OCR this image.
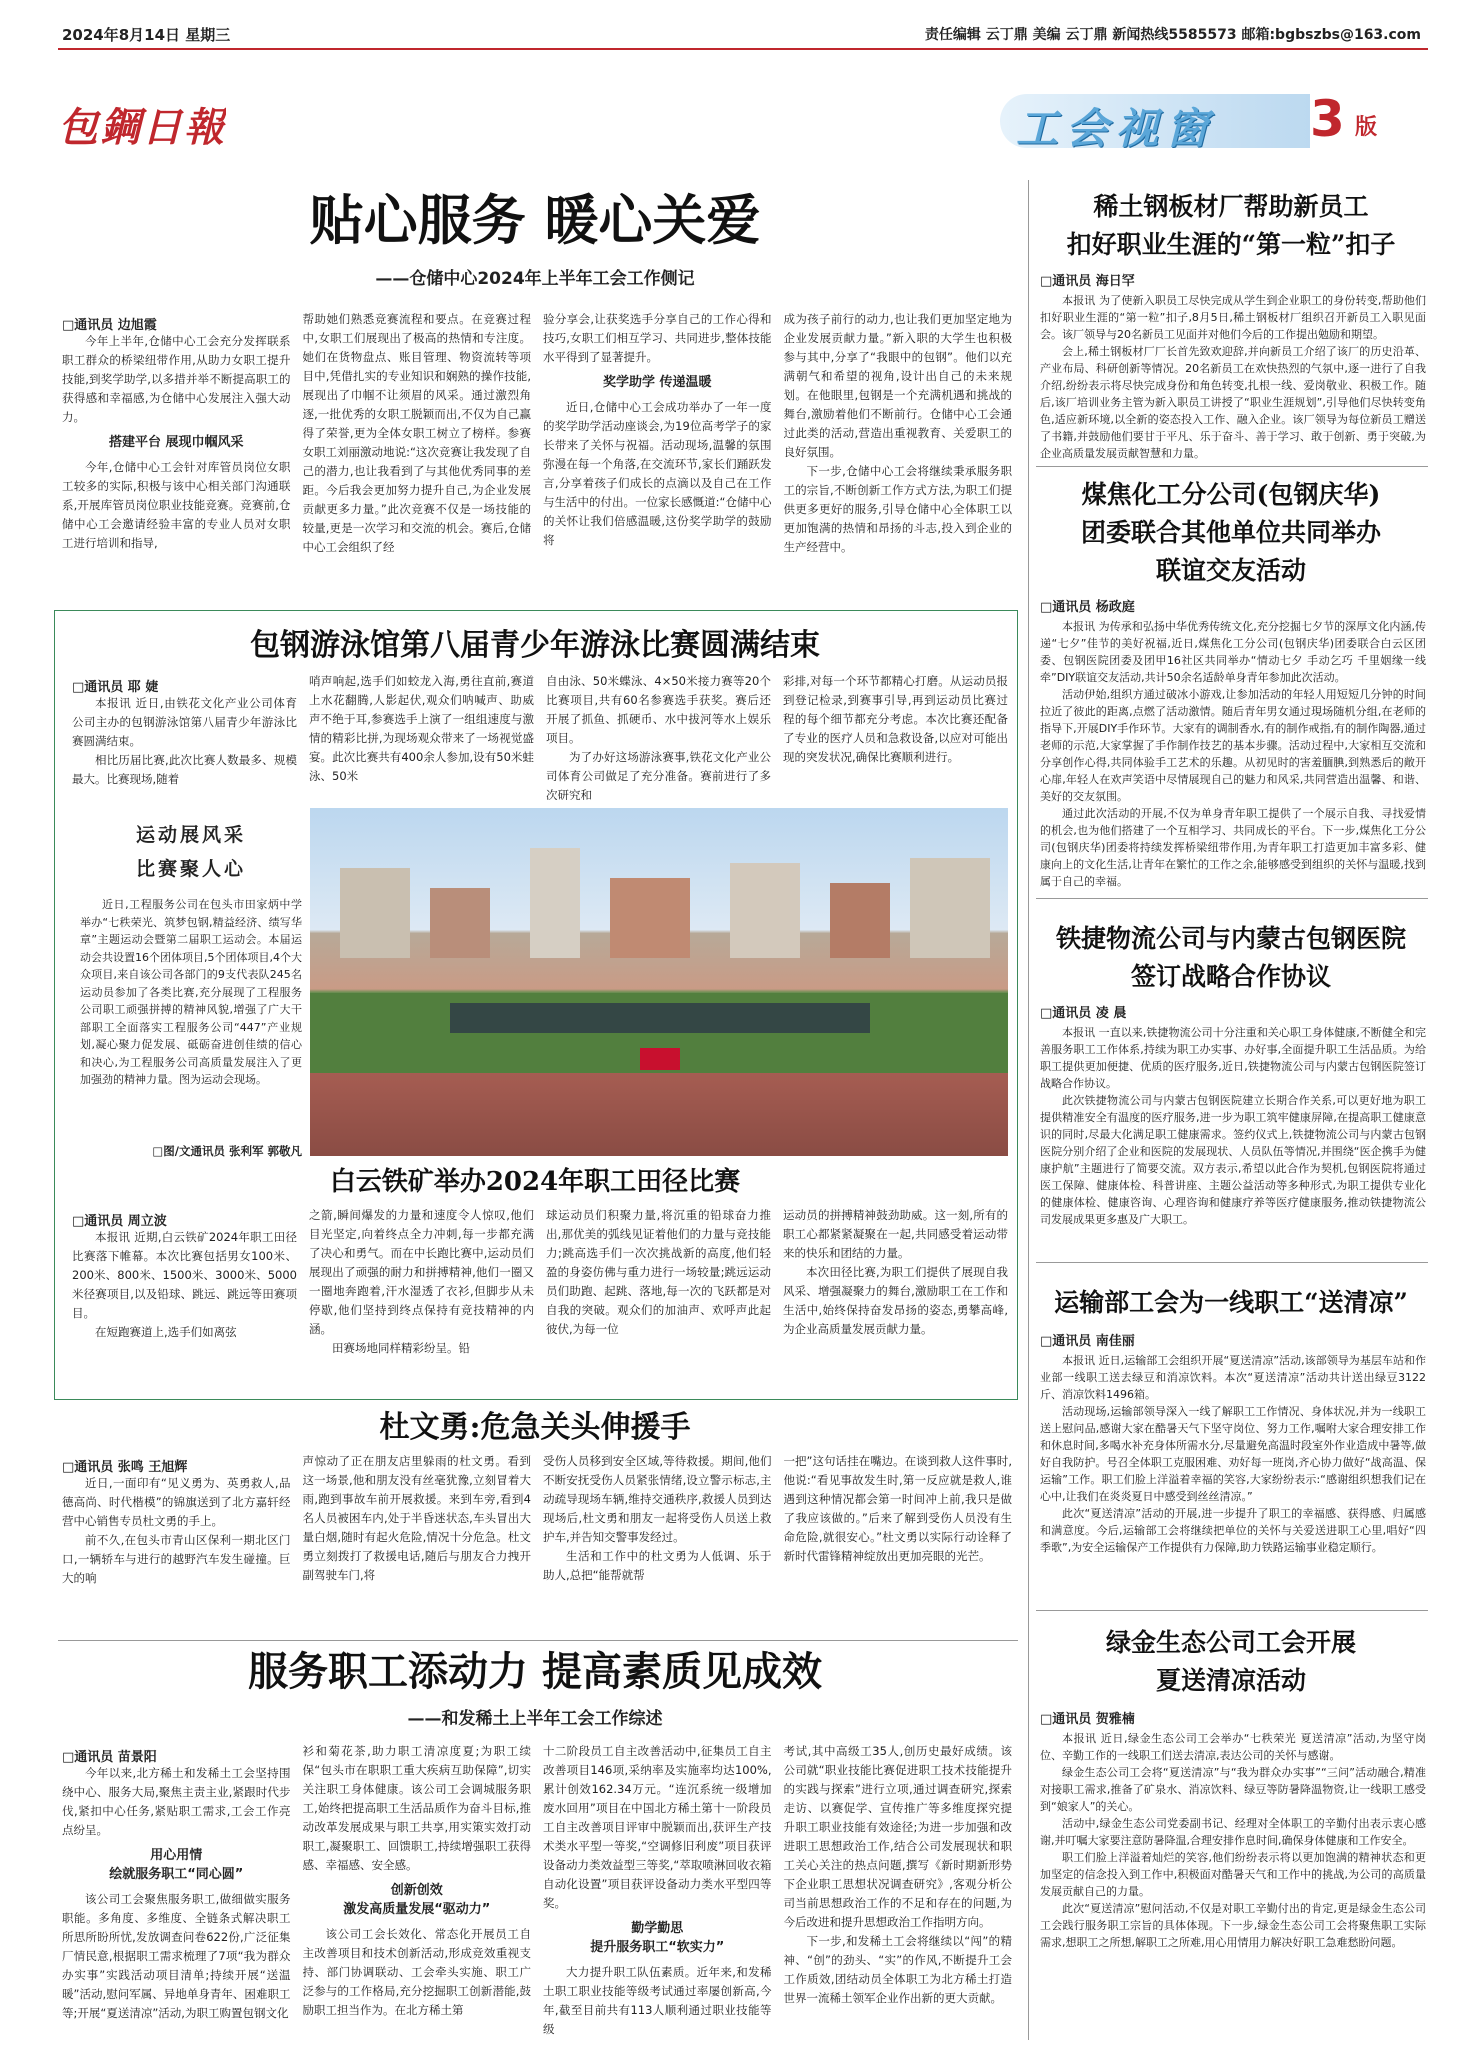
2024年8月14日 星期三	责任编辑 云丁鼎 美编 云丁鼎 新闻热线5585573 邮箱:bgbszbs@163.com
包鋼日報	工会视窗 3 版
贴心服务 暖心关爱
——仓储中心2024年上半年工会工作侧记
□通讯员 边旭霞

今年上半年,仓储中心工会充分发挥联系职工群众的桥梁纽带作用,从助力女职工提升技能,到奖学助学,以多措并举不断提高职工的获得感和幸福感,为仓储中心发展注入强大动力。

搭建平台 展现巾帼风采

今年,仓储中心工会针对库管员岗位女职工较多的实际,积极与该中心相关部门沟通联系,开展库管员岗位职业技能竞赛。竞赛前,仓储中心工会邀请经验丰富的专业人员对女职工进行培训和指导,

帮助她们熟悉竞赛流程和要点。在竞赛过程中,女职工们展现出了极高的热情和专注度。她们在货物盘点、账目管理、物资流转等项目中,凭借扎实的专业知识和娴熟的操作技能,展现出了巾帼不让须眉的风采。通过激烈角逐,一批优秀的女职工脱颖而出,不仅为自己赢得了荣誉,更为全体女职工树立了榜样。参赛女职工刘丽激动地说:“这次竞赛让我发现了自己的潜力,也让我看到了与其他优秀同事的差距。今后我会更加努力提升自己,为企业发展贡献更多力量。”此次竞赛不仅是一场技能的较量,更是一次学习和交流的机会。赛后,仓储中心工会组织了经

验分享会,让获奖选手分享自己的工作心得和技巧,女职工们相互学习、共同进步,整体技能水平得到了显著提升。

奖学助学 传递温暖

近日,仓储中心工会成功举办了一年一度的奖学助学活动座谈会,为19位高考学子的家长带来了关怀与祝福。活动现场,温馨的氛围弥漫在每一个角落,在交流环节,家长们踊跃发言,分享着孩子们成长的点滴以及自己在工作与生活中的付出。一位家长感慨道:“仓储中心的关怀让我们倍感温暖,这份奖学助学的鼓励将

成为孩子前行的动力,也让我们更加坚定地为企业发展贡献力量。”新入职的大学生也积极参与其中,分享了“我眼中的包钢”。他们以充满朝气和希望的视角,设计出自己的未来规划。在他眼里,包钢是一个充满机遇和挑战的舞台,激励着他们不断前行。仓储中心工会通过此类的活动,营造出重视教育、关爱职工的良好氛围。

下一步,仓储中心工会将继续秉承服务职工的宗旨,不断创新工作方式方法,为职工们提供更多更好的服务,引导仓储中心全体职工以更加饱满的热情和昂扬的斗志,投入到企业的生产经营中。

包钢游泳馆第八届青少年游泳比赛圆满结束
□通讯员 耶 婕

本报讯 近日,由铁花文化产业公司体育公司主办的包钢游泳馆第八届青少年游泳比赛圆满结束。

相比历届比赛,此次比赛人数最多、规模最大。比赛现场,随着

哨声响起,选手们如蛟龙入海,勇往直前,赛道上水花翻腾,人影起伏,观众们呐喊声、助威声不绝于耳,参赛选手上演了一组组速度与激情的精彩比拼,为现场观众带来了一场视觉盛宴。此次比赛共有400余人参加,设有50米蛙泳、50米

自由泳、50米蝶泳、4×50米接力赛等20个比赛项目,共有60名参赛选手获奖。赛后还开展了抓鱼、抓硬币、水中拔河等水上娱乐项目。

为了办好这场游泳赛事,铁花文化产业公司体育公司做足了充分准备。赛前进行了多次研究和

彩排,对每一个环节都精心打磨。从运动员报到登记检录,到赛事引导,再到运动员比赛过程的每个细节都充分考虑。本次比赛还配备了专业的医疗人员和急救设备,以应对可能出现的突发状况,确保比赛顺利进行。

运动展风采
比赛聚人心

近日,工程服务公司在包头市田家炳中学举办“七秩荣光、筑梦包钢,精益经济、绩写华章”主题运动会暨第二届职工运动会。本届运动会共设置16个团体项目,5个团体项目,4个大众项目,来自该公司各部门的9支代表队245名运动员参加了各类比赛,充分展现了工程服务公司职工顽强拼搏的精神风貌,增强了广大干部职工全面落实工程服务公司“447”产业规划,凝心聚力促发展、砥砺奋进创佳绩的信心和决心,为工程服务公司高质量发展注入了更加强劲的精神力量。图为运动会现场。

□图/文通讯员 张利军 郭敬凡
白云铁矿举办2024年职工田径比赛
□通讯员 周立波

本报讯 近期,白云铁矿2024年职工田径比赛落下帷幕。本次比赛包括男女100米、200米、800米、1500米、3000米、5000米径赛项目,以及铅球、跳远、跳远等田赛项目。

在短跑赛道上,选手们如离弦

之箭,瞬间爆发的力量和速度令人惊叹,他们目光坚定,向着终点全力冲刺,每一步都充满了决心和勇气。而在中长跑比赛中,运动员们展现出了顽强的耐力和拼搏精神,他们一圈又一圈地奔跑着,汗水湿透了衣衫,但脚步从未停歇,他们坚持到终点保持有竞技精神的内涵。

田赛场地同样精彩纷呈。铅

球运动员们积聚力量,将沉重的铅球奋力推出,那优美的弧线见证着他们的力量与竞技能力;跳高选手们一次次挑战新的高度,他们轻盈的身姿仿佛与重力进行一场较量;跳远运动员们助跑、起跳、落地,每一次的飞跃都是对自我的突破。观众们的加油声、欢呼声此起彼伏,为每一位

运动员的拼搏精神鼓劲助威。这一刻,所有的职工心都紧紧凝聚在一起,共同感受着运动带来的快乐和团结的力量。

本次田径比赛,为职工们提供了展现自我风采、增强凝聚力的舞台,激励职工在工作和生活中,始终保持奋发昂扬的姿态,勇攀高峰,为企业高质量发展贡献力量。

杜文勇:危急关头伸援手
□通讯员 张鸣 王旭辉

近日,一面印有“见义勇为、英勇救人,品德高尚、时代楷模”的锦旗送到了北方嘉轩经营中心销售专员杜文勇的手上。

前不久,在包头市青山区保利一期北区门口,一辆轿车与进行的越野汽车发生碰撞。巨大的响

声惊动了正在朋友店里躲雨的杜文勇。看到这一场景,他和朋友没有丝毫犹豫,立刻冒着大雨,跑到事故车前开展救援。来到车旁,看到4名人员被困车内,处于半昏迷状态,车头冒出大量白烟,随时有起火危险,情况十分危急。杜文勇立刻拨打了救援电话,随后与朋友合力拽开副驾驶车门,将

受伤人员移到安全区域,等待救援。期间,他们不断安抚受伤人员紧张情绪,设立警示标志,主动疏导现场车辆,维持交通秩序,救援人员到达现场后,杜文勇和朋友一起将受伤人员送上救护车,并告知交警事发经过。

生活和工作中的杜文勇为人低调、乐于助人,总把“能帮就帮

一把”这句话挂在嘴边。在谈到救人这件事时,他说:“看见事故发生时,第一反应就是救人,谁遇到这种情况都会第一时间冲上前,我只是做了我应该做的。”后来了解到受伤人员没有生命危险,就很安心。”杜文勇以实际行动诠释了新时代雷锋精神绽放出更加亮眼的光芒。

服务职工添动力 提高素质见成效
——和发稀土上半年工会工作综述
□通讯员 苗景阳

今年以来,北方稀土和发稀土工会坚持围绕中心、服务大局,聚焦主责主业,紧跟时代步伐,紧扣中心任务,紧贴职工需求,工会工作亮点纷呈。

用心用情
绘就服务职工“同心圆”

该公司工会聚焦服务职工,做细做实服务职能。多角度、多维度、全链条式解决职工所思所盼所忧,发放调查问卷622份,广泛征集厂情民意,根据职工需求梳理了7项“我为群众办实事”实践活动项目清单;持续开展“送温暖”活动,慰问军属、异地单身青年、困难职工等;开展“夏送清凉”活动,为职工购置包钢文化

衫和菊花茶,助力职工清凉度夏;为职工续保“包头市在职职工重大疾病互助保障”,切实关注职工身体健康。该公司工会调城服务职工,始终把提高职工生活品质作为奋斗目标,推动改革发展成果与职工共享,用实策实效打动职工,凝聚职工、回馈职工,持续增强职工获得感、幸福感、安全感。

创新创效
激发高质量发展“驱动力”

该公司工会长效化、常态化开展员工自主改善项目和技术创新活动,形成竞效重视支持、部门协调联动、工会牵头实施、职工广泛参与的工作格局,充分挖掘职工创新潜能,鼓励职工担当作为。在北方稀土第

十二阶段员工自主改善活动中,征集员工自主改善项目146项,采纳率及实施率均达100%,累计创效162.34万元。“连沉系统一级增加废水回用”项目在中国北方稀土第十一阶段员工自主改善项目评审中脱颖而出,获评生产技术类水平型一等奖,“空调修旧利废”项目获评设备动力类效益型三等奖,“萃取喷淋回收衣箱自动化设置”项目获评设备动力类水平型四等奖。

勤学勤思
提升服务职工“软实力”

大力提升职工队伍素质。近年来,和发稀土职工职业技能等级考试通过率屡创新高,今年,截至目前共有113人顺利通过职业技能等级

考试,其中高级工35人,创历史最好成绩。该公司就“职业技能比赛促进职工技术技能提升的实践与探索”进行立项,通过调查研究,探索走访、以赛促学、宣传推广等多维度探究提升职工职业技能有效途径;为进一步加强和改进职工思想政治工作,结合公司发展现状和职工关心关注的热点问题,撰写《新时期新形势下企业职工思想状况调查研究》,客观分析公司当前思想政治工作的不足和存在的问题,为今后改进和提升思想政治工作指明方向。

下一步,和发稀土工会将继续以“闯”的精神、“创”的劲头、“实”的作风,不断提升工会工作质效,团结动员全体职工为北方稀土打造世界一流稀土领军企业作出新的更大贡献。

稀土钢板材厂帮助新员工
扣好职业生涯的“第一粒”扣子
□通讯员 海日罕

本报讯 为了使新入职员工尽快完成从学生到企业职工的身份转变,帮助他们扣好职业生涯的“第一粒”扣子,8月5日,稀土钢板材厂组织召开新员工入职见面会。该厂领导与20名新员工见面并对他们今后的工作提出勉励和期望。

会上,稀土钢板材厂厂长首先致欢迎辞,并向新员工介绍了该厂的历史沿革、产业布局、科研创新等情况。20名新员工在欢快热烈的气氛中,逐一进行了自我介绍,纷纷表示将尽快完成身份和角色转变,扎根一线、爱岗敬业、积极工作。随后,该厂培训业务主管为新入职员工讲授了“职业生涯规划”,引导他们尽快转变角色,适应新环境,以全新的姿态投入工作、融入企业。该厂领导为每位新员工赠送了书籍,并鼓励他们要甘于平凡、乐于奋斗、善于学习、敢于创新、勇于突破,为企业高质量发展贡献智慧和力量。

煤焦化工分公司(包钢庆华)
团委联合其他单位共同举办
联谊交友活动
□通讯员 杨政庭

本报讯 为传承和弘扬中华优秀传统文化,充分挖掘七夕节的深厚文化内涵,传递“七夕”佳节的美好祝福,近日,煤焦化工分公司(包钢庆华)团委联合白云区团委、包钢医院团委及团甲16社区共同举办“情动七夕 手动乞巧 千里姻缘一线牵”DIY联谊交友活动,共计50余名适龄单身青年参加此次活动。

活动伊始,组织方通过破冰小游戏,让参加活动的年轻人用短短几分钟的时间拉近了彼此的距离,点燃了活动激情。随后青年男女通过現场随机分组,在老师的指导下,开展DIY手作环节。大家有的调制香水,有的制作戒指,有的制作陶器,通过老师的示范,大家掌握了手作制作技艺的基本步骤。活动过程中,大家相互交流和分享创作心得,共同体验手工艺术的乐趣。从初见时的害羞腼腆,到熟悉后的敞开心扉,年轻人在欢声笑语中尽情展现自己的魅力和风采,共同营造出温馨、和谐、美好的交友氛围。

通过此次活动的开展,不仅为单身青年职工提供了一个展示自我、寻找爱情的机会,也为他们搭建了一个互相学习、共同成长的平台。下一步,煤焦化工分公司(包钢庆华)团委将持续发挥桥梁纽带作用,为青年职工打造更加丰富多彩、健康向上的文化生活,让青年在繁忙的工作之余,能够感受到组织的关怀与温暖,找到属于自己的幸福。

铁捷物流公司与内蒙古包钢医院
签订战略合作协议
□通讯员 凌 晨

本报讯 一直以来,铁捷物流公司十分注重和关心职工身体健康,不断健全和完善服务职工工作体系,持续为职工办实事、办好事,全面提升职工生活品质。为给职工提供更加便捷、优质的医疗服务,近日,铁捷物流公司与内蒙古包钢医院签订战略合作协议。

此次铁捷物流公司与内蒙古包钢医院建立长期合作关系,可以更好地为职工提供精准安全有温度的医疗服务,进一步为职工筑牢健康屏障,在提高职工健康意识的同时,尽最大化满足职工健康需求。签约仪式上,铁捷物流公司与内蒙古包钢医院分别介绍了企业和医院的发展现状、人员队伍等情况,并围绕“医企携手为健康护航”主题进行了简要交流。双方表示,希望以此合作为契机,包钢医院将通过医工保障、健康体检、科普讲座、主题公益活动等多种形式,为职工提供专业化的健康体检、健康咨询、心理咨询和健康疗养等医疗健康服务,推动铁捷物流公司发展成果更多惠及广大职工。

运输部工会为一线职工“送清凉”
□通讯员 南佳丽

本报讯 近日,运输部工会组织开展“夏送清凉”活动,该部领导为基层车站和作业部一线职工送去绿豆和消凉饮料。本次“夏送清凉”活动共计送出绿豆3122斤、消凉饮料1496箱。

活动现场,运输部领导深入一线了解职工工作情况、身体状况,并为一线职工送上慰问品,感谢大家在酷暑天气下坚守岗位、努力工作,嘱咐大家合理安排工作和休息时间,多喝水补充身体所需水分,尽量避免高温时段室外作业造成中暑等,做好自我防护。号召全体职工克服困难、劝好每一班岗,齐心协力做好“战高温、保运输”工作。职工们脸上洋溢着幸福的笑容,大家纷纷表示:“感谢组织想我们记在心中,让我们在炎炎夏日中感受到丝丝清凉。”

此次“夏送清凉”活动的开展,进一步提升了职工的幸福感、获得感、归属感和满意度。今后,运输部工会将继续把单位的关怀与关爱送进职工心里,唱好“四季歌”,为安全运输保产工作提供有力保障,助力铁路运输事业稳定顺行。

绿金生态公司工会开展
夏送清凉活动
□通讯员 贺雅楠

本报讯 近日,绿金生态公司工会举办“七秩荣光 夏送清凉”活动,为坚守岗位、辛勤工作的一线职工们送去清凉,表达公司的关怀与感谢。

绿金生态公司工会将“夏送清凉”与“我为群众办实事”“三问”活动融合,精准对接职工需求,推备了矿泉水、消凉饮料、绿豆等防暑降温物资,让一线职工感受到“娘家人”的关心。

活动中,绿金生态公司党委副书记、经理对全体职工的辛勤付出表示衷心感谢,并叮嘱大家要注意防暑降温,合理安排作息时间,确保身体健康和工作安全。

职工们脸上洋溢着灿烂的笑容,他们纷纷表示将以更加饱满的精神状态和更加坚定的信念投入到工作中,积极面对酷暑天气和工作中的挑战,为公司的高质量发展贡献自己的力量。

此次“夏送清凉”慰问活动,不仅是对职工辛勤付出的肯定,更是绿金生态公司工会践行服务职工宗旨的具体体现。下一步,绿金生态公司工会将聚焦职工实际需求,想职工之所想,解职工之所难,用心用情用力解决好职工急难愁盼问题。
